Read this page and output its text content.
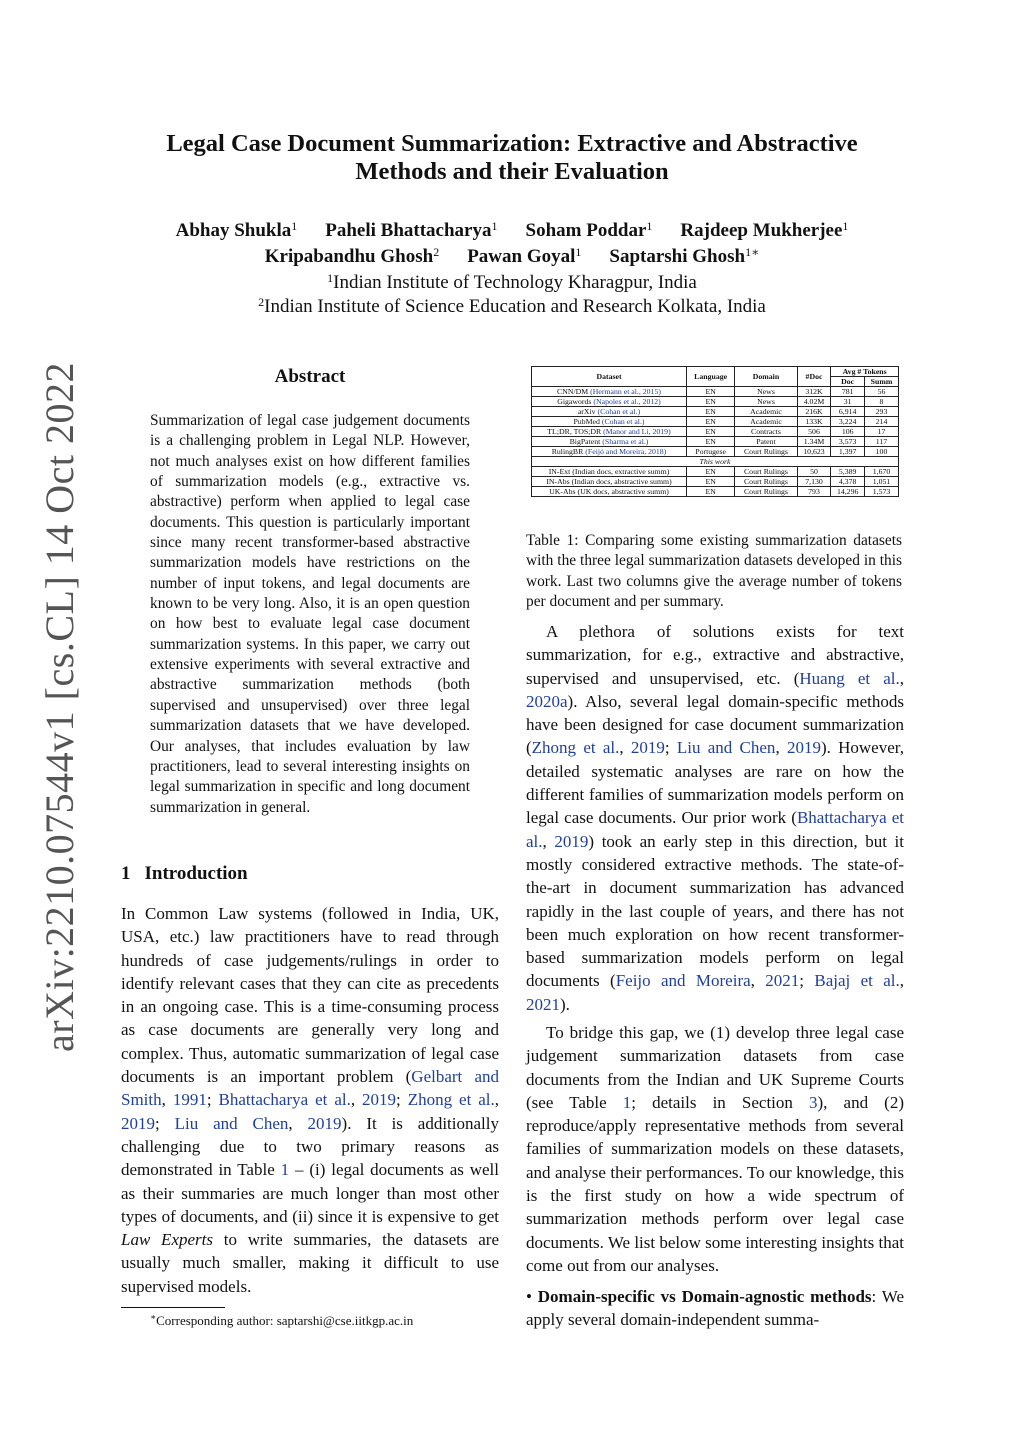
arXiv:2210.07544v1 [cs.CL] 14 Oct 2022
Legal Case Document Summarization: Extractive and Abstractive Methods and their Evaluation
Abhay Shukla$^1$ Paheli Bhattacharya$^1$ Soham Poddar$^1$ Rajdeep Mukherjee$^1$
Kripabandhu Ghosh$^2$ Pawan Goyal$^1$ Saptarshi Ghosh$^{1∗}$
$^1$Indian Institute of Technology Kharagpur, India
$^2$Indian Institute of Science Education and Research Kolkata, India
Abstract

Summarization of legal case judgement documents is a challenging problem in Legal NLP. However, not much analyses exist on how different families of summarization models (e.g., extractive vs. abstractive) perform when applied to legal case documents. This question is particularly important since many recent transformer-based abstractive summarization models have restrictions on the number of input tokens, and legal documents are known to be very long. Also, it is an open question on how best to evaluate legal case document summarization systems. In this paper, we carry out extensive experiments with several extractive and abstractive summarization methods (both supervised and unsupervised) over three legal summarization datasets that we have developed. Our analyses, that includes evaluation by law practitioners, lead to several interesting insights on legal summarization in specific and long document summarization in general.

1 Introduction

In Common Law systems (followed in India, UK, USA, etc.) law practitioners have to read through hundreds of case judgements/rulings in order to identify relevant cases that they can cite as precedents in an ongoing case. This is a time-consuming process as case documents are generally very long and complex. Thus, automatic summarization of legal case documents is an important problem (Gelbart and Smith, 1991; Bhattacharya et al., 2019; Zhong et al., 2019; Liu and Chen, 2019). It is additionally challenging due to two primary reasons as demonstrated in Table 1 – (i) legal documents as well as their summaries are much longer than most other types of documents, and (ii) since it is expensive to get Law Experts to write summaries, the datasets are usually much smaller, making it difficult to use supervised models.

∗Corresponding author: saptarshi@cse.iitkgp.ac.in
Dataset	Language	Domain	#Doc	Avg # Tokens	
				Doc	Summ
CNN/DM (Hermann et al., 2015)	EN	News	312K	781	56
Gigawords (Napoles et al., 2012)	EN	News	4.02M	31	8
arXiv (Cohan et al.)	EN	Academic	216K	6,914	293
PubMed (Cohan et al.)	EN	Academic	133K	3,224	214
TL;DR, TOS;DR (Manor and Li, 2019)	EN	Contracts	506	106	17
BigPatent (Sharma et al.)	EN	Patent	1.34M	3,573	117
RulingBR (Feijó and Moreira, 2018)	Portugese	Court Rulings	10,623	1,397	100
This work					
IN-Ext (Indian docs, extractive summ)	EN	Court Rulings	50	5,389	1,670
IN-Abs (Indian docs, abstractive summ)	EN	Court Rulings	7,130	4,378	1,051
UK-Abs (UK docs, abstractive summ)	EN	Court Rulings	793	14,296	1,573

Table 1: Comparing some existing summarization datasets with the three legal summarization datasets developed in this work. Last two columns give the average number of tokens per document and per summary.

A plethora of solutions exists for text summarization, for e.g., extractive and abstractive, supervised and unsupervised, etc. (Huang et al., 2020a). Also, several legal domain-specific methods have been designed for case document summarization (Zhong et al., 2019; Liu and Chen, 2019). However, detailed systematic analyses are rare on how the different families of summarization models perform on legal case documents. Our prior work (Bhattacharya et al., 2019) took an early step in this direction, but it mostly considered extractive methods. The state-of-the-art in document summarization has advanced rapidly in the last couple of years, and there has not been much exploration on how recent transformer-based summarization models perform on legal documents (Feijo and Moreira, 2021; Bajaj et al., 2021).

To bridge this gap, we (1) develop three legal case judgement summarization datasets from case documents from the Indian and UK Supreme Courts (see Table 1; details in Section 3), and (2) reproduce/apply representative methods from several families of summarization models on these datasets, and analyse their performances. To our knowledge, this is the first study on how a wide spectrum of summarization methods perform over legal case documents. We list below some interesting insights that come out from our analyses.

• Domain-specific vs Domain-agnostic methods: We apply several domain-independent summa-
